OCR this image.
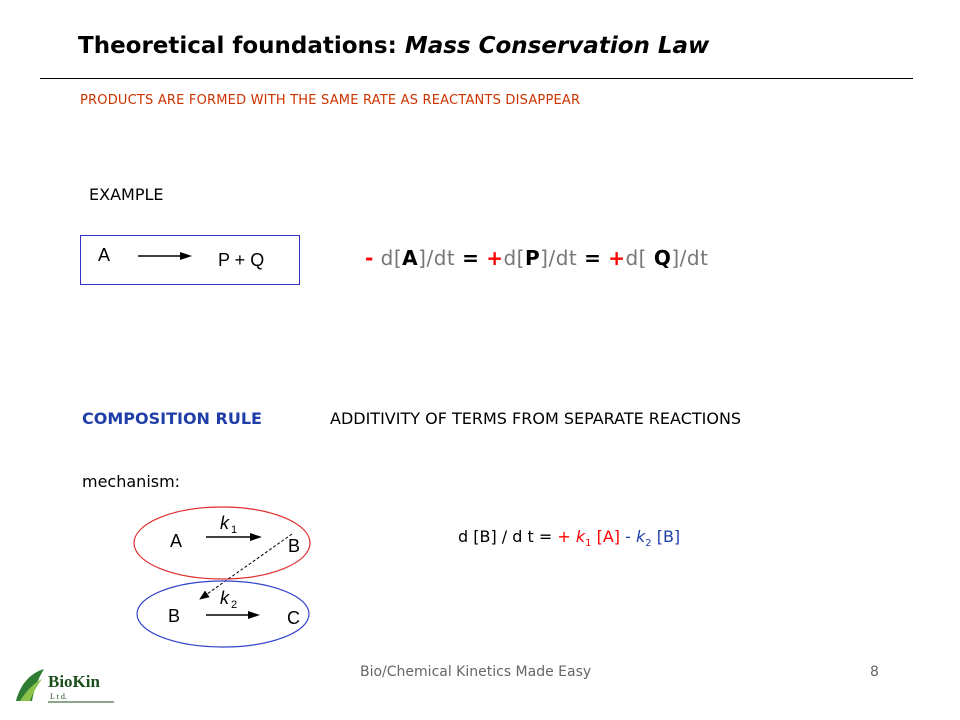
Theoretical foundations: Mass Conservation Law
PRODUCTS ARE FORMED WITH THE SAME RATE AS REACTANTS DISAPPEAR
EXAMPLE
A	P + Q	- d[A]/dt = +d[P]/dt = +d[ Q]/dt
COMPOSITION RULE	ADDITIVITY OF TERMS FROM SEPARATE REACTIONS
mechanism:
A	B
k 1
B	C
k 2
d [B] / d t = + $k_1$ $[A] - k_2$ [B]
BioKin
L t d.
Bio/Chemical Kinetics Made Easy	8
